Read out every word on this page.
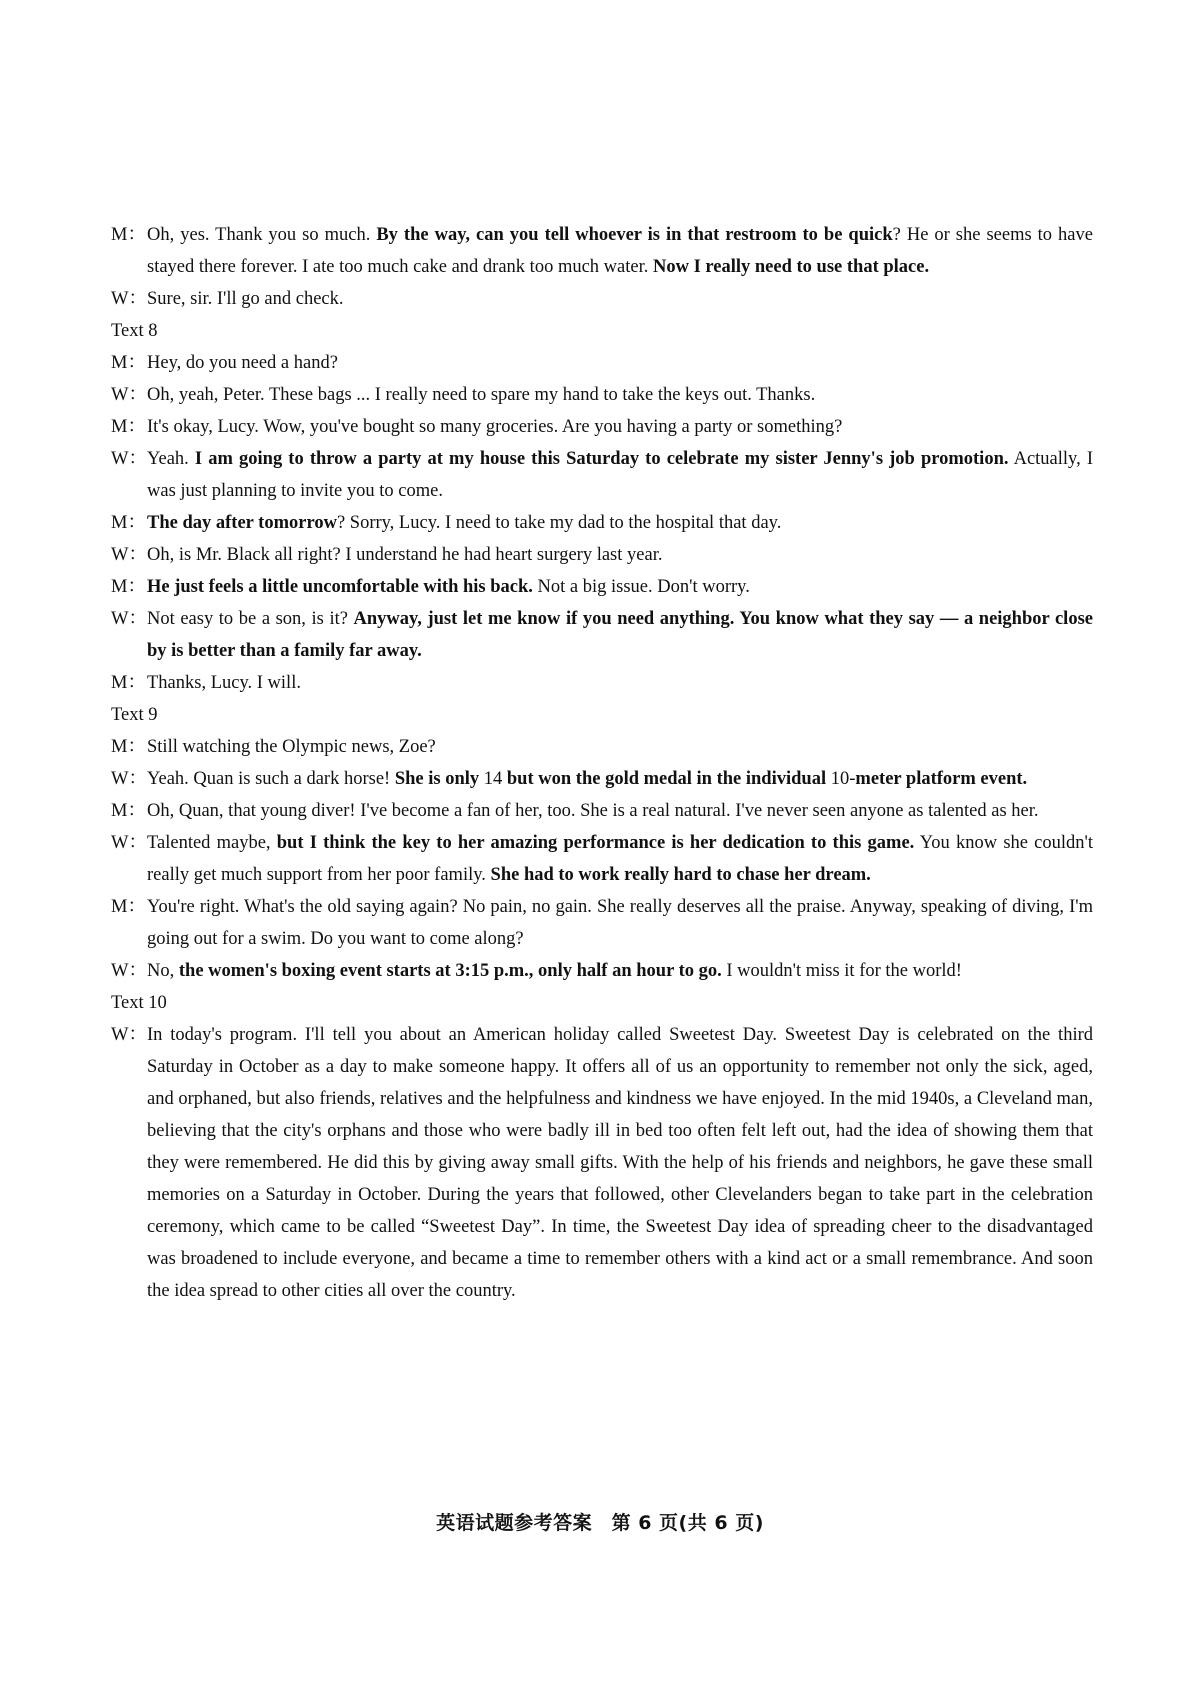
M： Oh, yes. Thank you so much. By the way, can you tell whoever is in that restroom to be quick? He or she seems to have stayed there forever. I ate too much cake and drank too much water. Now I really need to use that place.
W： Sure, sir. I'll go and check.
Text 8
M： Hey, do you need a hand?
W： Oh, yeah, Peter. These bags ... I really need to spare my hand to take the keys out. Thanks.
M： It's okay, Lucy. Wow, you've bought so many groceries. Are you having a party or something?
W： Yeah. I am going to throw a party at my house this Saturday to celebrate my sister Jenny's job promotion. Actually, I was just planning to invite you to come.
M： The day after tomorrow? Sorry, Lucy. I need to take my dad to the hospital that day.
W： Oh, is Mr. Black all right? I understand he had heart surgery last year.
M： He just feels a little uncomfortable with his back. Not a big issue. Don't worry.
W： Not easy to be a son, is it? Anyway, just let me know if you need anything. You know what they say — a neighbor close by is better than a family far away.
M： Thanks, Lucy. I will.
Text 9
M： Still watching the Olympic news, Zoe?
W： Yeah. Quan is such a dark horse! She is only 14 but won the gold medal in the individual 10-meter platform event.
M： Oh, Quan, that young diver! I've become a fan of her, too. She is a real natural. I've never seen anyone as talented as her.
W： Talented maybe, but I think the key to her amazing performance is her dedication to this game. You know she couldn't really get much support from her poor family. She had to work really hard to chase her dream.
M： You're right. What's the old saying again? No pain, no gain. She really deserves all the praise. Anyway, speaking of diving, I'm going out for a swim. Do you want to come along?
W： No, the women's boxing event starts at 3:15 p.m., only half an hour to go. I wouldn't miss it for the world!
Text 10
W： In today's program. I'll tell you about an American holiday called Sweetest Day. Sweetest Day is celebrated on the third Saturday in October as a day to make someone happy. It offers all of us an opportunity to remember not only the sick, aged, and orphaned, but also friends, relatives and the helpfulness and kindness we have enjoyed. In the mid 1940s, a Cleveland man, believing that the city's orphans and those who were badly ill in bed too often felt left out, had the idea of showing them that they were remembered. He did this by giving away small gifts. With the help of his friends and neighbors, he gave these small memories on a Saturday in October. During the years that followed, other Clevelanders began to take part in the celebration ceremony, which came to be called “Sweetest Day”. In time, the Sweetest Day idea of spreading cheer to the disadvantaged was broadened to include everyone, and became a time to remember others with a kind act or a small remembrance. And soon the idea spread to other cities all over the country.
英语试题参考答案　第 6 页(共 6 页)
